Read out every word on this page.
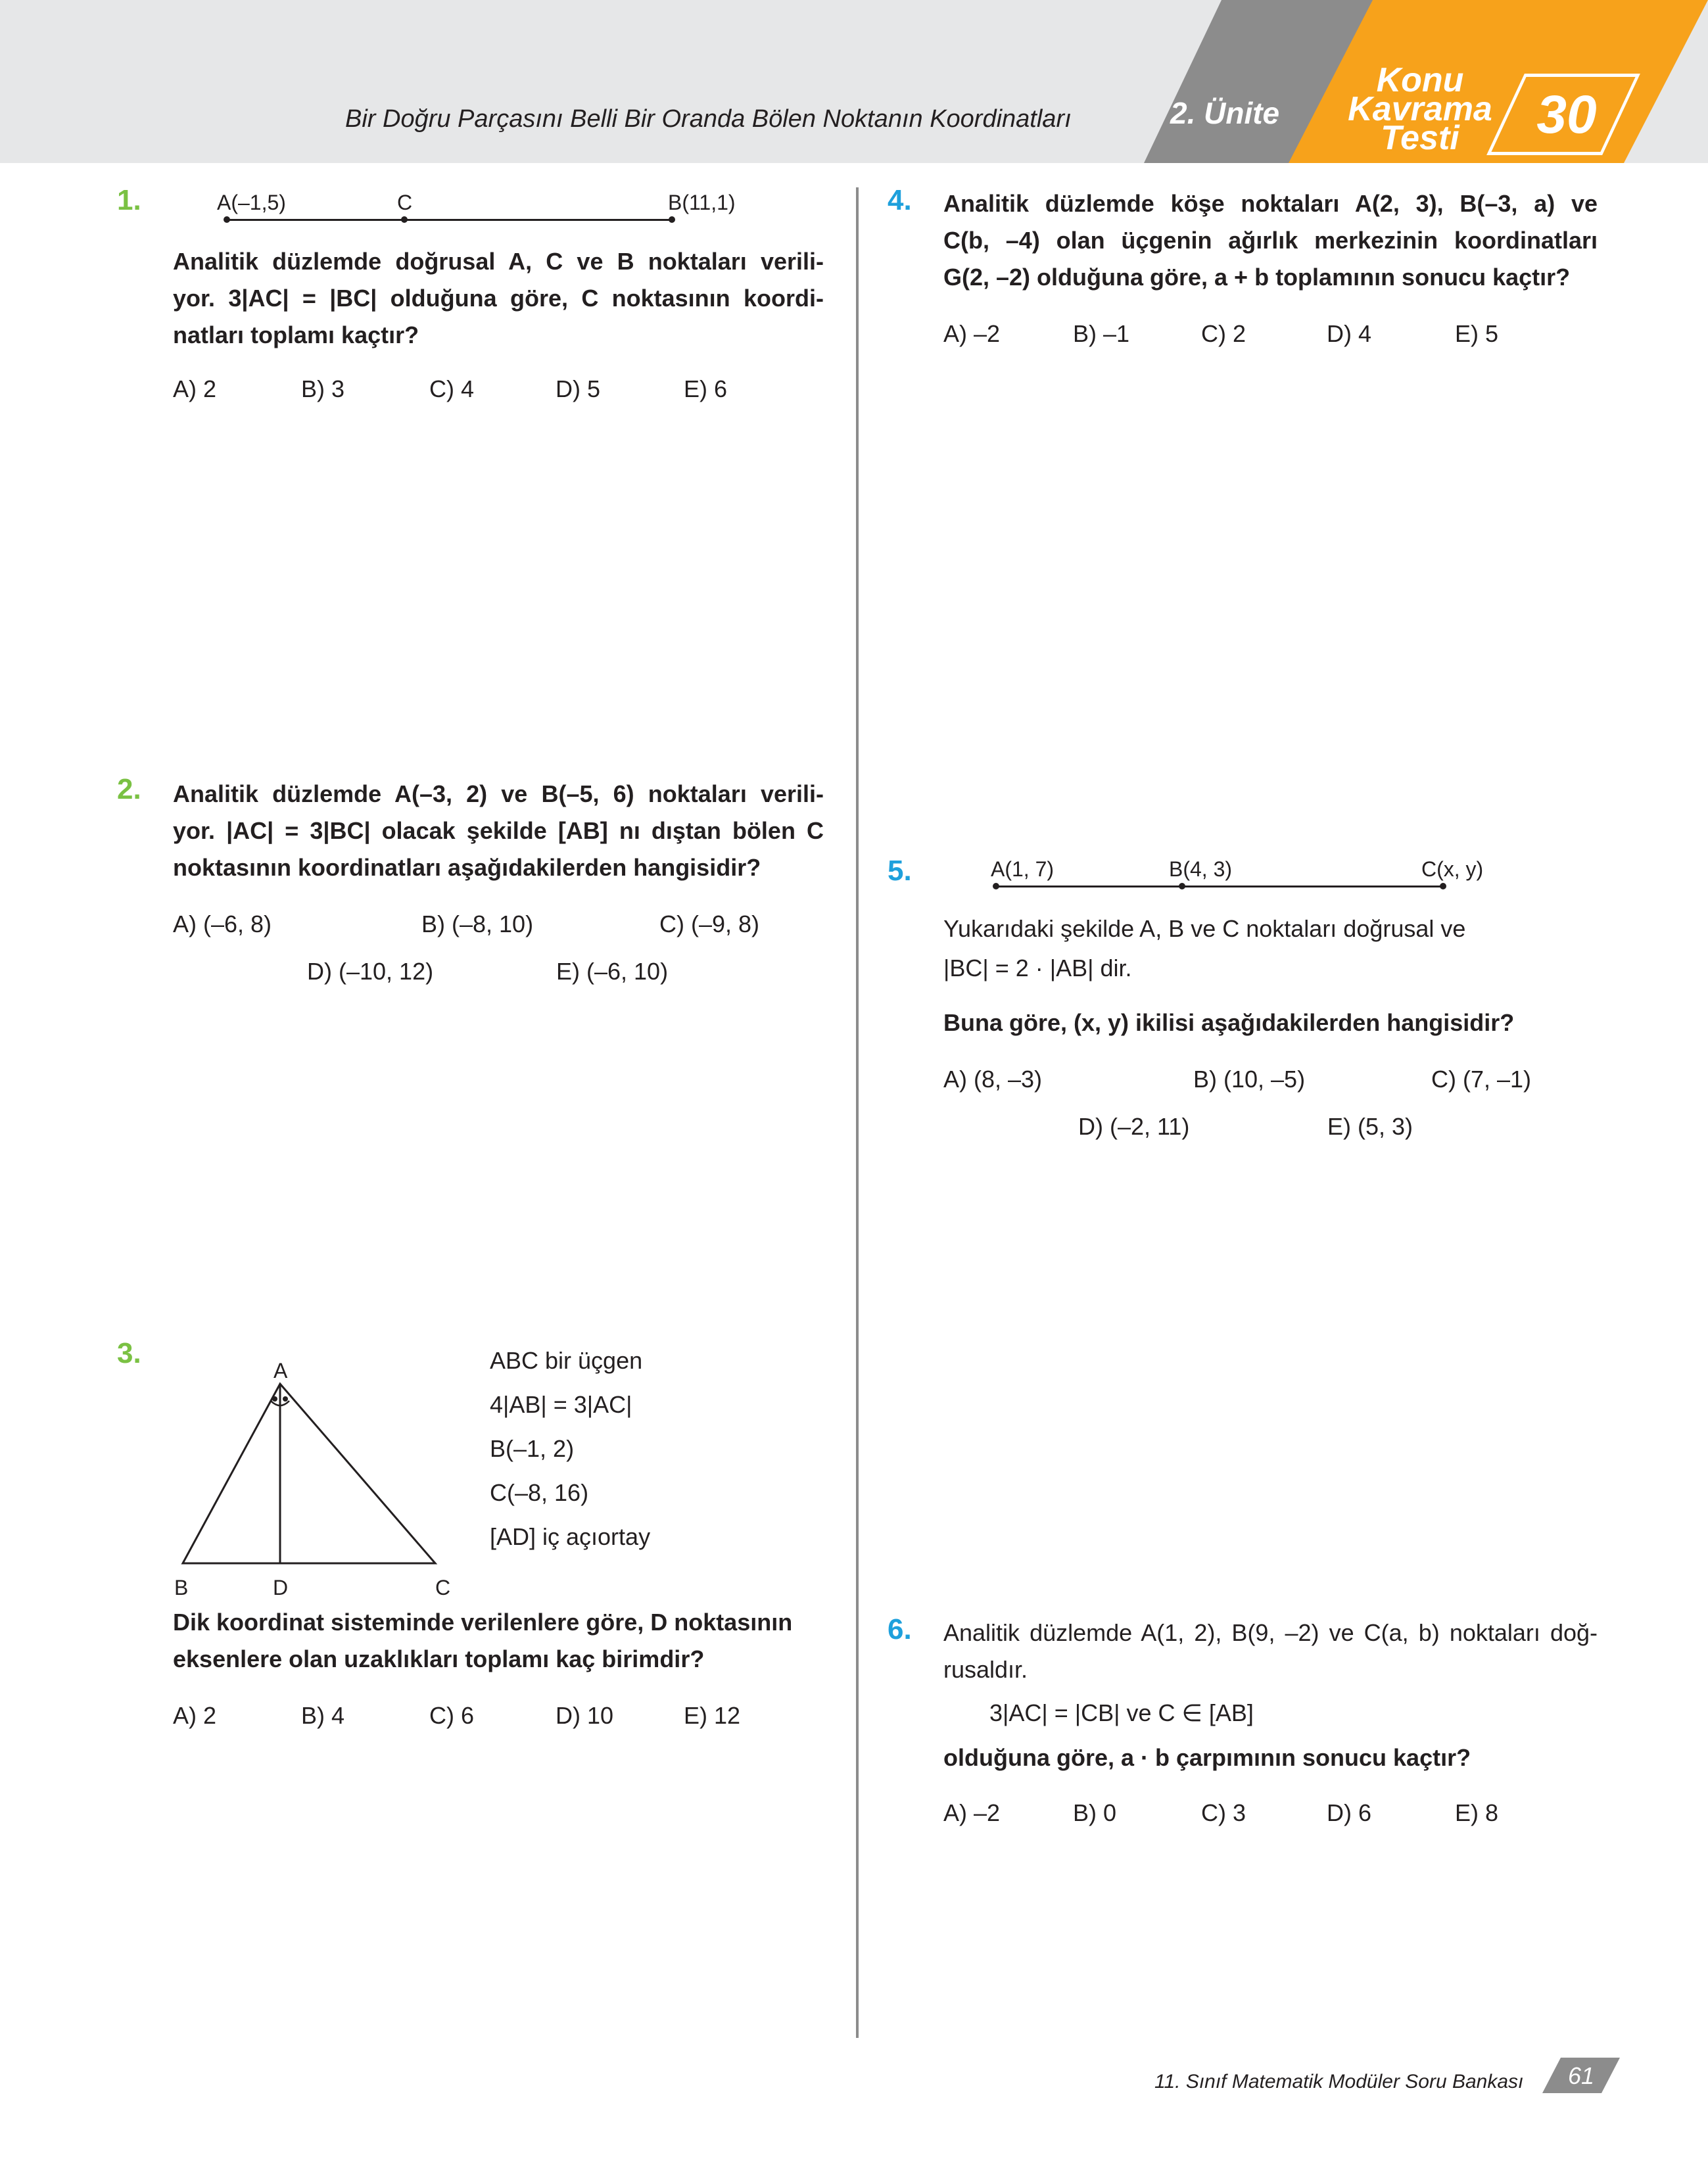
Bir Doğru Parçasını Belli Bir Oranda Bölen Noktanın Koordinatları	2. Ünite
Konu
Kavrama
Testi	30
1.	A(–1,5)	C	B(11,1)
Analitik düzlemde doğrusal A, C ve B noktaları verili-
yor. 3|AC| = |BC| olduğuna göre, C noktasının koordi-
natları toplamı kaçtır?
A) 2	B) 3	C) 4	D) 5	E) 6
2. Analitik düzlemde A(–3, 2) ve B(–5, 6) noktaları verili-
yor. |AC| = 3|BC| olacak şekilde [AB] nı dıştan bölen C
noktasının koordinatları aşağıdakilerden hangisidir?
A) (–6, 8)	B) (–8, 10)	C) (–9, 8)
D) (–10, 12)	E) (–6, 10)
3.
A
B	D	C
ABC bir üçgen
4|AB| = 3|AC|
B(–1, 2)
C(–8, 16)
[AD] iç açıortay
Dik koordinat sisteminde verilenlere göre, D noktasının
eksenlere olan uzaklıkları toplamı kaç birimdir?
A) 2	B) 4	C) 6	D) 10	E) 12
4. Analitik düzlemde köşe noktaları A(2, 3), B(–3, a) ve
C(b, –4) olan üçgenin ağırlık merkezinin koordinatları
G(2, –2) olduğuna göre, a + b toplamının sonucu kaçtır?
A) –2	B) –1	C) 2	D) 4	E) 5
5.	A(1, 7)	B(4, 3)	C(x, y)
Yukarıdaki şekilde A, B ve C noktaları doğrusal ve
|BC| = 2 · |AB| dir.
Buna göre, (x, y) ikilisi aşağıdakilerden hangisidir?
A) (8, –3)	B) (10, –5)	C) (7, –1)
D) (–2, 11)	E) (5, 3)
6. Analitik düzlemde A(1, 2), B(9, –2) ve C(a, b) noktaları doğ-
rusaldır.
3|AC| = |CB| ve C ∈ [AB]
olduğuna göre, a · b çarpımının sonucu kaçtır?
A) –2	B) 0	C) 3	D) 6	E) 8
11. Sınıf Matematik Modüler Soru Bankası	61
